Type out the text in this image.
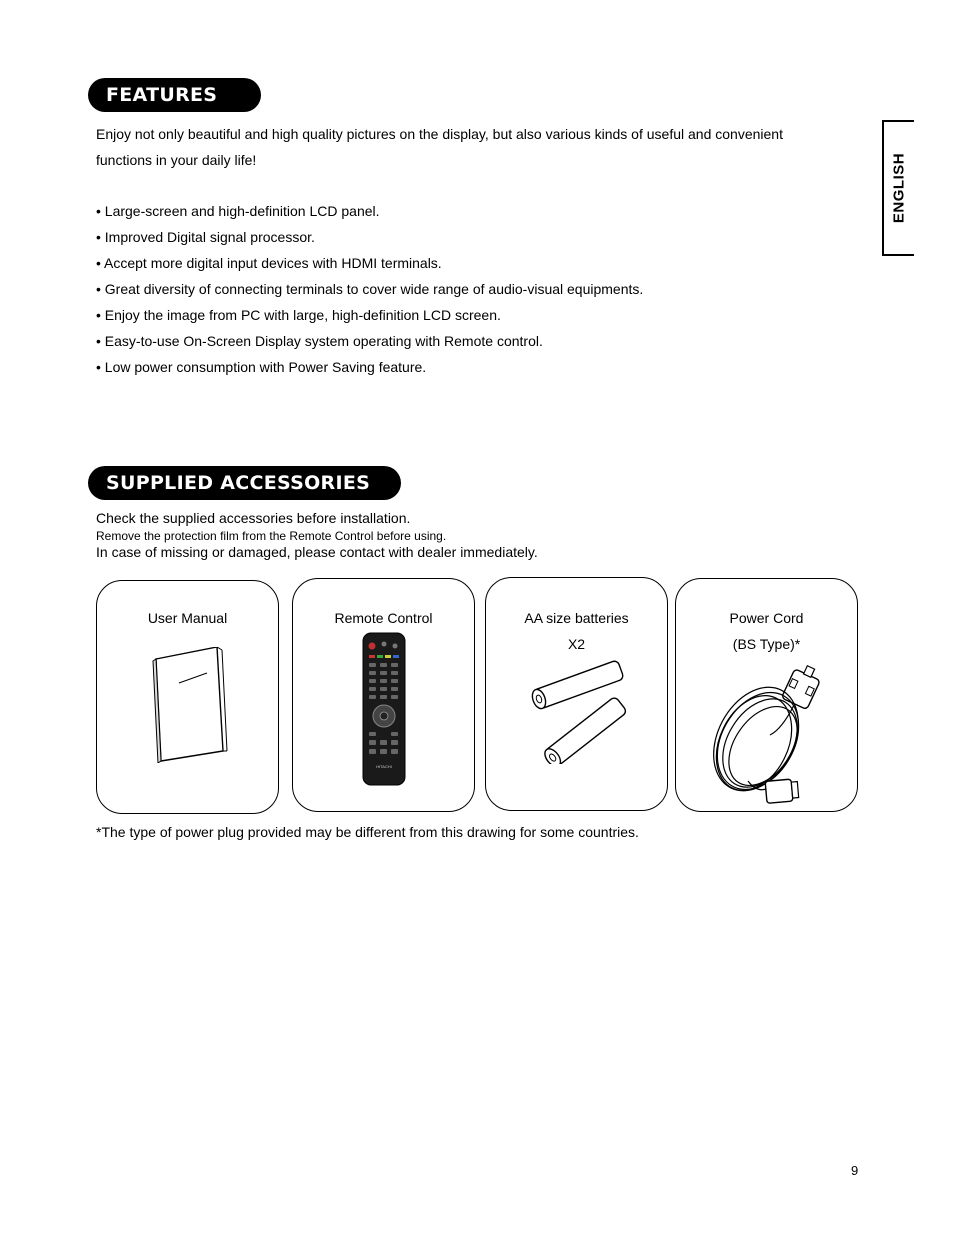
ENGLISH
FEATURES
Enjoy not only beautiful and high quality pictures on the display, but also various kinds of useful and convenient
functions in your daily life!
• Large-screen and high-definition LCD panel.
• Improved Digital signal processor.
• Accept more digital input devices with HDMI terminals.
• Great diversity of connecting terminals to cover wide range of audio-visual equipments.
• Enjoy the image from PC with large, high-definition LCD screen.
• Easy-to-use On-Screen Display system operating with Remote control.
• Low power consumption with Power Saving feature.
SUPPLIED ACCESSORIES
Check the supplied accessories before installation.
Remove the protection film from the Remote Control before using.
In case of missing or damaged, please contact with dealer immediately.
User Manual	Remote Control
HITACHI
AA size batteries
X2
Power Cord
(BS Type)*
*The type of power plug provided may be different from this drawing for some countries.
9
